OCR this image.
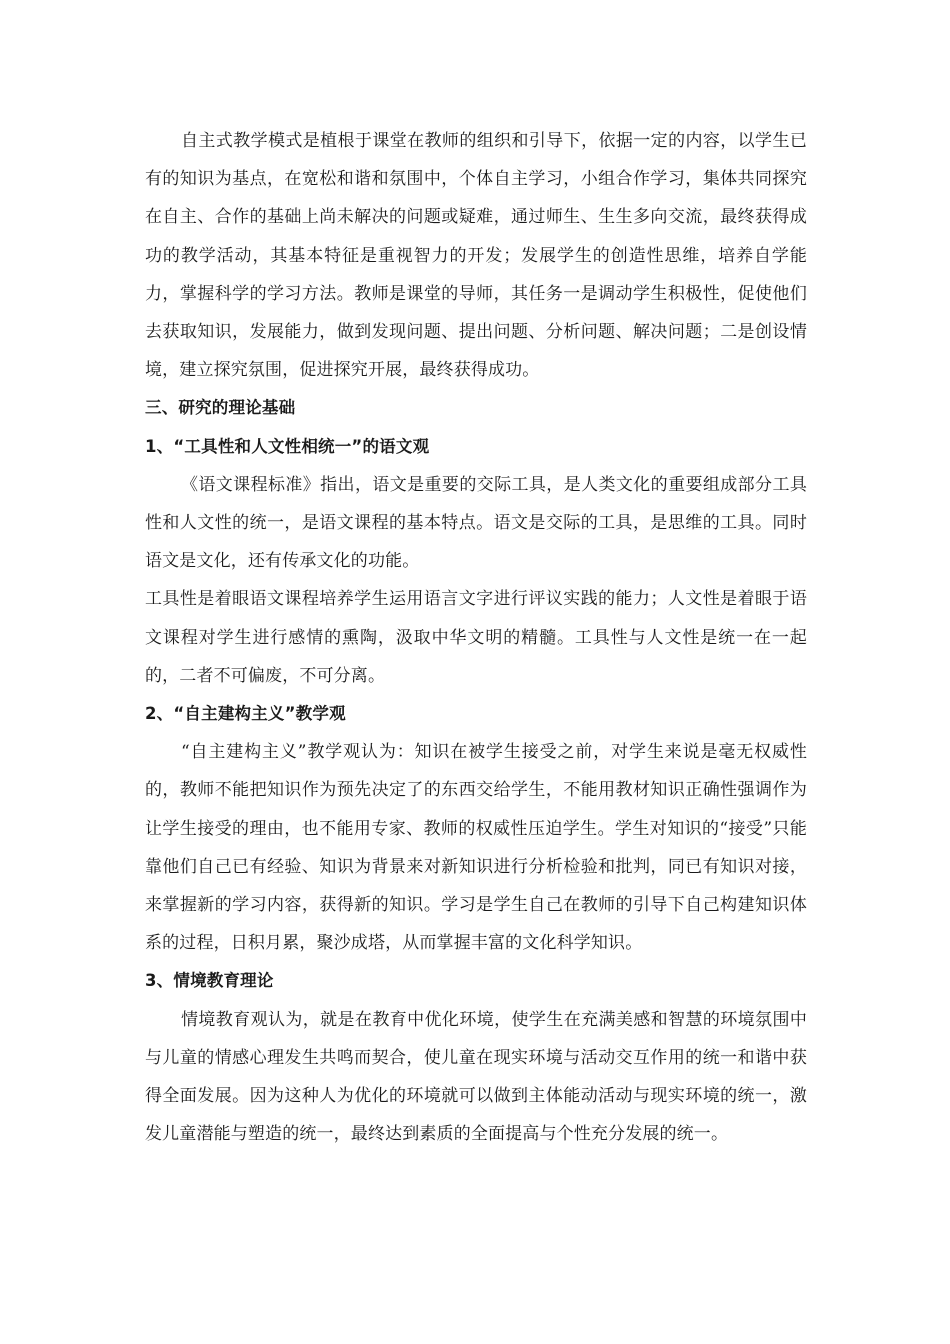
自主式教学模式是植根于课堂在教师的组织和引导下，依据一定的内容，以学生已有的知识为基点，在宽松和谐和氛围中，个体自主学习，小组合作学习，集体共同探究在自主、合作的基础上尚未解决的问题或疑难，通过师生、生生多向交流，最终获得成功的教学活动，其基本特征是重视智力的开发；发展学生的创造性思维，培养自学能力，掌握科学的学习方法。教师是课堂的导师，其任务一是调动学生积极性，促使他们去获取知识，发展能力，做到发现问题、提出问题、分析问题、解决问题；二是创设情境，建立探究氛围，促进探究开展，最终获得成功。

三、研究的理论基础
1、“工具性和人文性相统一”的语文观

《语文课程标准》指出，语文是重要的交际工具，是人类文化的重要组成部分工具性和人文性的统一，是语文课程的基本特点。语文是交际的工具，是思维的工具。同时语文是文化，还有传承文化的功能。

工具性是着眼语文课程培养学生运用语言文字进行评议实践的能力；人文性是着眼于语文课程对学生进行感情的熏陶，汲取中华文明的精髓。工具性与人文性是统一在一起的，二者不可偏废，不可分离。

2、“自主建构主义”教学观

“自主建构主义”教学观认为：知识在被学生接受之前，对学生来说是毫无权威性的，教师不能把知识作为预先决定了的东西交给学生，不能用教材知识正确性强调作为让学生接受的理由，也不能用专家、教师的权威性压迫学生。学生对知识的“接受”只能靠他们自己已有经验、知识为背景来对新知识进行分析检验和批判，同已有知识对接，来掌握新的学习内容，获得新的知识。学习是学生自己在教师的引导下自己构建知识体系的过程，日积月累，聚沙成塔，从而掌握丰富的文化科学知识。

3、情境教育理论

情境教育观认为，就是在教育中优化环境，使学生在充满美感和智慧的环境氛围中与儿童的情感心理发生共鸣而契合，使儿童在现实环境与活动交互作用的统一和谐中获得全面发展。因为这种人为优化的环境就可以做到主体能动活动与现实环境的统一，激发儿童潜能与塑造的统一，最终达到素质的全面提高与个性充分发展的统一。
